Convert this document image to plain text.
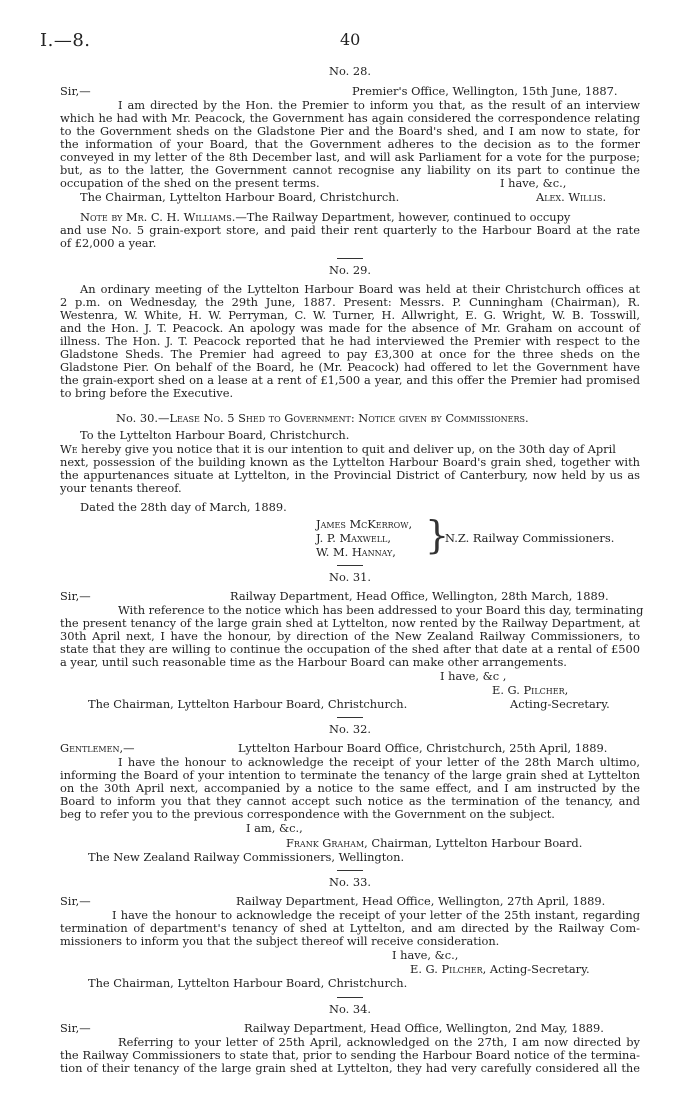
I.—8.	40
No. 28.
Sir,—	Premier's Office, Wellington, 15th June, 1887.
I am directed by the Hon. the Premier to inform you that, as the result of an interview
which he had with Mr. Peacock, the Government has again considered the correspondence relating
to the Government sheds on the Gladstone Pier and the Board's shed, and I am now to state, for
the information of your Board, that the Government adheres to the decision as to the former
conveyed in my letter of the 8th December last, and will ask Parliament for a vote for the purpose;
but, as to the latter, the Government cannot recognise any liability on its part to continue the
occupation of the shed on the present terms.	I have, &c.,
The Chairman, Lyttelton Harbour Board, Christchurch.	Alex. Willis.
Note by Mr. C. H. Williams.—The Railway Department, however, continued to occupy
and use No. 5 grain-export store, and paid their rent quarterly to the Harbour Board at the rate
of £2,000 a year.
No. 29.
An ordinary meeting of the Lyttelton Harbour Board was held at their Christchurch offices at
2 p.m. on Wednesday, the 29th June, 1887. Present: Messrs. P. Cunningham (Chairman), R.
Westenra, W. White, H. W. Perryman, C. W. Turner, H. Allwright, E. G. Wright, W. B. Tosswill,
and the Hon. J. T. Peacock. An apology was made for the absence of Mr. Graham on account of
illness. The Hon. J. T. Peacock reported that he had interviewed the Premier with respect to the
Gladstone Sheds. The Premier had agreed to pay £3,300 at once for the three sheds on the
Gladstone Pier. On behalf of the Board, he (Mr. Peacock) had offered to let the Government have
the grain-export shed on a lease at a rent of £1,500 a year, and this offer the Premier had promised
to bring before the Executive.
No. 30.—Lease No. 5 Shed to Government: Notice given by Commissioners.
To the Lyttelton Harbour Board, Christchurch.
We hereby give you notice that it is our intention to quit and deliver up, on the 30th day of April
next, possession of the building known as the Lyttelton Harbour Board's grain shed, together with
the appurtenances situate at Lyttelton, in the Provincial District of Canterbury, now held by us as
your tenants thereof.
Dated the 28th day of March, 1889.
James McKerrow,
J. P. Maxwell,
W. M. Hannay, }
N.Z. Railway Commissioners.
No. 31.
Sir,—	Railway Department, Head Office, Wellington, 28th March, 1889.
With reference to the notice which has been addressed to your Board this day, terminating
the present tenancy of the large grain shed at Lyttelton, now rented by the Railway Department, at
30th April next, I have the honour, by direction of the New Zealand Railway Commissioners, to
state that they are willing to continue the occupation of the shed after that date at a rental of £500
a year, until such reasonable time as the Harbour Board can make other arrangements.
I have, &c ,
E. G. Pilcher,
The Chairman, Lyttelton Harbour Board, Christchurch.	Acting-Secretary.
No. 32.
Gentlemen,—	Lyttelton Harbour Board Office, Christchurch, 25th April, 1889.
I have the honour to acknowledge the receipt of your letter of the 28th March ultimo,
informing the Board of your intention to terminate the tenancy of the large grain shed at Lyttelton
on the 30th April next, accompanied by a notice to the same effect, and I am instructed by the
Board to inform you that they cannot accept such notice as the termination of the tenancy, and
beg to refer you to the previous correspondence with the Government on the subject.
I am, &c.,
Frank Graham, Chairman, Lyttelton Harbour Board.
The New Zealand Railway Commissioners, Wellington.
No. 33.
Sir,—	Railway Department, Head Office, Wellington, 27th April, 1889.
I have the honour to acknowledge the receipt of your letter of the 25th instant, regarding
termination of department's tenancy of shed at Lyttelton, and am directed by the Railway Com-
missioners to inform you that the subject thereof will receive consideration.
I have, &c.,
E. G. Pilcher, Acting-Secretary.
The Chairman, Lyttelton Harbour Board, Christchurch.
No. 34.
Sir,—	Railway Department, Head Office, Wellington, 2nd May, 1889.
Referring to your letter of 25th April, acknowledged on the 27th, I am now directed by
the Railway Commissioners to state that, prior to sending the Harbour Board notice of the termina-
tion of their tenancy of the large grain shed at Lyttelton, they had very carefully considered all the
